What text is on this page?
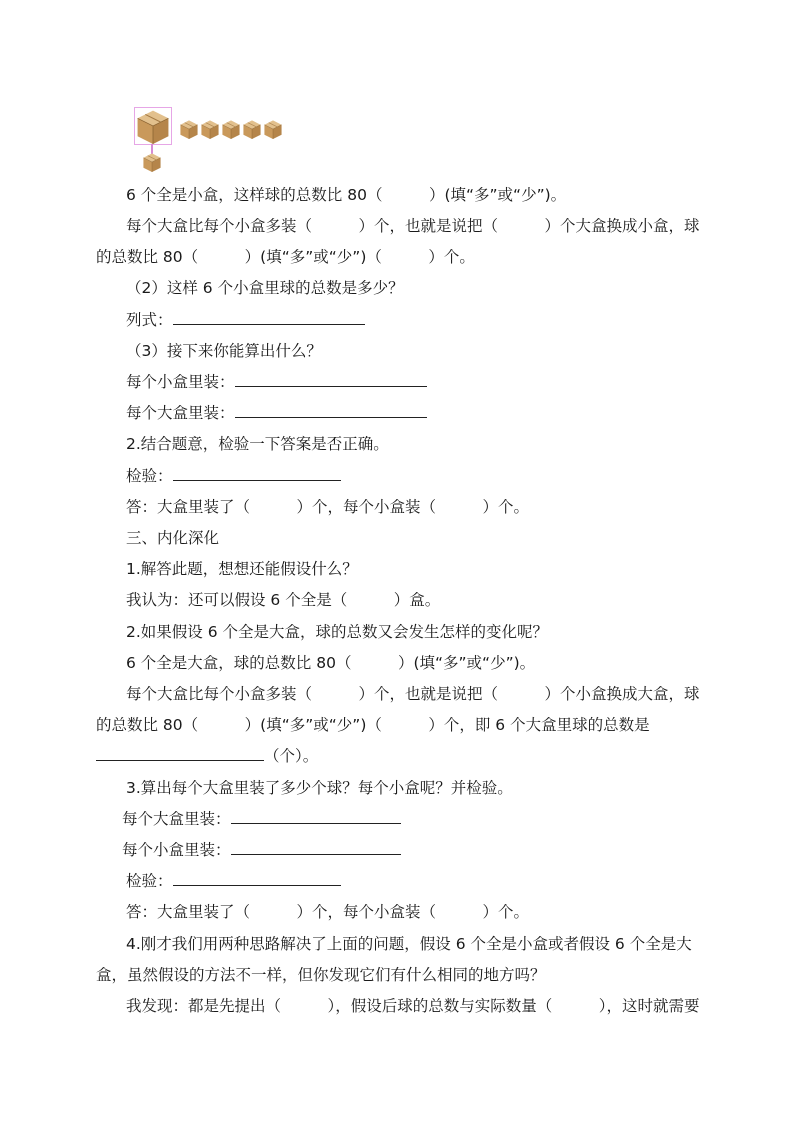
6 个全是小盒，这样球的总数比 80（　　　）(填“多”或“少”)。
每个大盒比每个小盒多装（　　　）个，也就是说把（　　　）个大盒换成小盒，球
的总数比 80（　　　）(填“多”或“少”)（　　　）个。
（2）这样 6 个小盒里球的总数是多少？
列式：
（3）接下来你能算出什么？
每个小盒里装：
每个大盒里装：
2.结合题意，检验一下答案是否正确。
检验：
答：大盒里装了（　　　）个，每个小盒装（　　　）个。
三、内化深化
1.解答此题，想想还能假设什么？
我认为：还可以假设 6 个全是（　　　）盒。
2.如果假设 6 个全是大盒，球的总数又会发生怎样的变化呢？
6 个全是大盒，球的总数比 80（　　　）(填“多”或“少”)。
每个大盒比每个小盒多装（　　　）个，也就是说把（　　　）个小盒换成大盒，球
的总数比 80（　　　）(填“多”或“少”)（　　　）个，即 6 个大盒里球的总数是
（个）。
3.算出每个大盒里装了多少个球？每个小盒呢？并检验。
每个大盒里装：
每个小盒里装：
检验：
答：大盒里装了（　　　）个，每个小盒装（　　　）个。
4.刚才我们用两种思路解决了上面的问题，假设 6 个全是小盒或者假设 6 个全是大
盒，虽然假设的方法不一样，但你发现它们有什么相同的地方吗？
我发现：都是先提出（　　　），假设后球的总数与实际数量（　　　），这时就需要
